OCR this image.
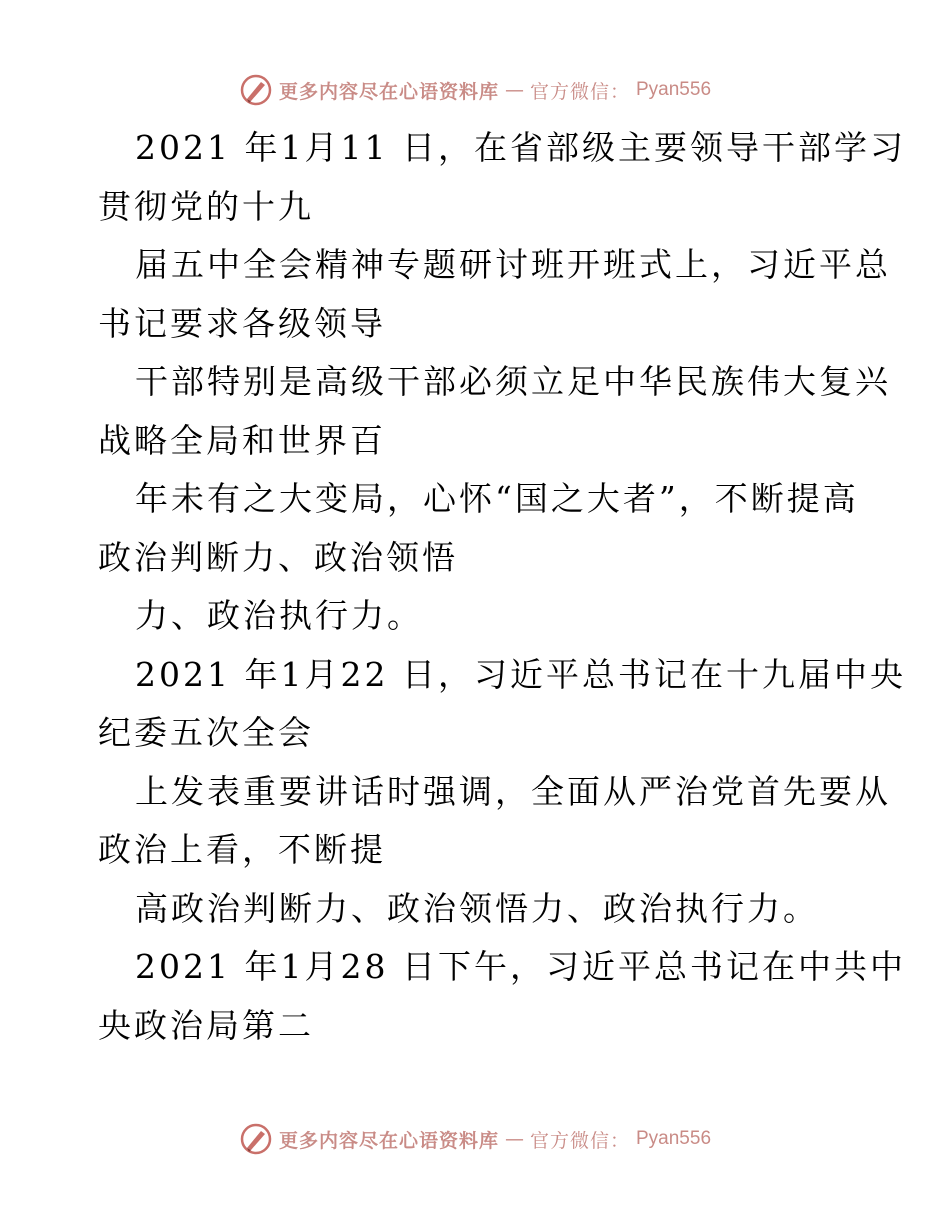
更多内容尽在心语资料库 — 官方微信： Pyan556
2021 年1月11 日，在省部级主要领导干部学习
贯彻党的十九
届五中全会精神专题研讨班开班式上，习近平总
书记要求各级领导
干部特别是高级干部必须立足中华民族伟大复兴
战略全局和世界百
年未有之大变局，心怀“国之大者”，不断提高
政治判断力、政治领悟
力、政治执行力。
2021 年1月22 日，习近平总书记在十九届中央
纪委五次全会
上发表重要讲话时强调，全面从严治党首先要从
政治上看，不断提
高政治判断力、政治领悟力、政治执行力。
2021 年1月28 日下午，习近平总书记在中共中
央政治局第二
更多内容尽在心语资料库 — 官方微信： Pyan556
